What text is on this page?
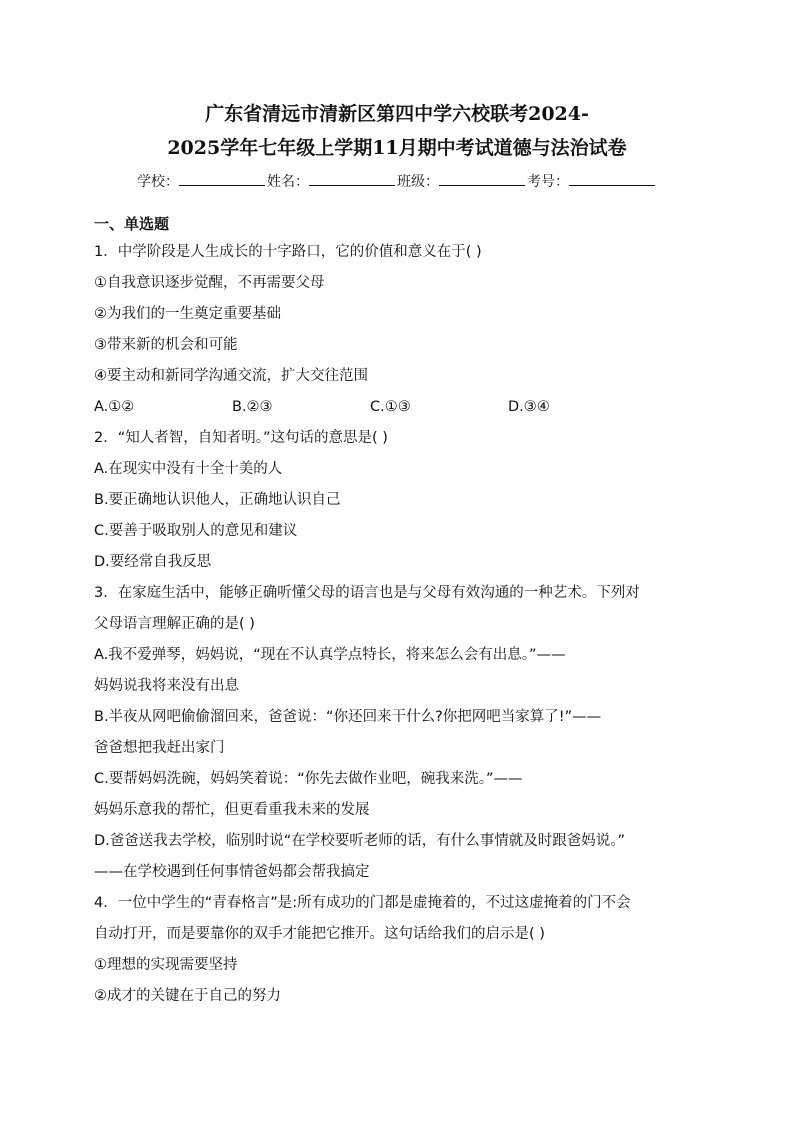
广东省清远市清新区第四中学六校联考2024-
2025学年七年级上学期11月期中考试道德与法治试卷
学校：	姓名：	班级：	考号：
一、单选题
1．中学阶段是人生成长的十字路口，它的价值和意义在于( )
①自我意识逐步觉醒，不再需要父母
②为我们的一生奠定重要基础
③带来新的机会和可能
④要主动和新同学沟通交流，扩大交往范围
A.①②	B.②③	C.①③	D.③④
2．“知人者智，自知者明。”这句话的意思是( )
A.在现实中没有十全十美的人
B.要正确地认识他人，正确地认识自己
C.要善于吸取别人的意见和建议
D.要经常自我反思
3．在家庭生活中，能够正确听懂父母的语言也是与父母有效沟通的一种艺术。下列对
父母语言理解正确的是( )
A.我不爱弹琴，妈妈说，“现在不认真学点特长，将来怎么会有出息。”——
妈妈说我将来没有出息
B.半夜从网吧偷偷溜回来，爸爸说：“你还回来干什么?你把网吧当家算了!”——
爸爸想把我赶出家门
C.要帮妈妈洗碗，妈妈笑着说：“你先去做作业吧，碗我来洗。”——
妈妈乐意我的帮忙，但更看重我未来的发展
D.爸爸送我去学校，临别时说“在学校要听老师的话，有什么事情就及时跟爸妈说。”
——在学校遇到任何事情爸妈都会帮我搞定
4．一位中学生的“青春格言”是:所有成功的门都是虚掩着的，不过这虚掩着的门不会
自动打开，而是要靠你的双手才能把它推开。这句话给我们的启示是( )
①理想的实现需要坚持
②成才的关键在于自己的努力
